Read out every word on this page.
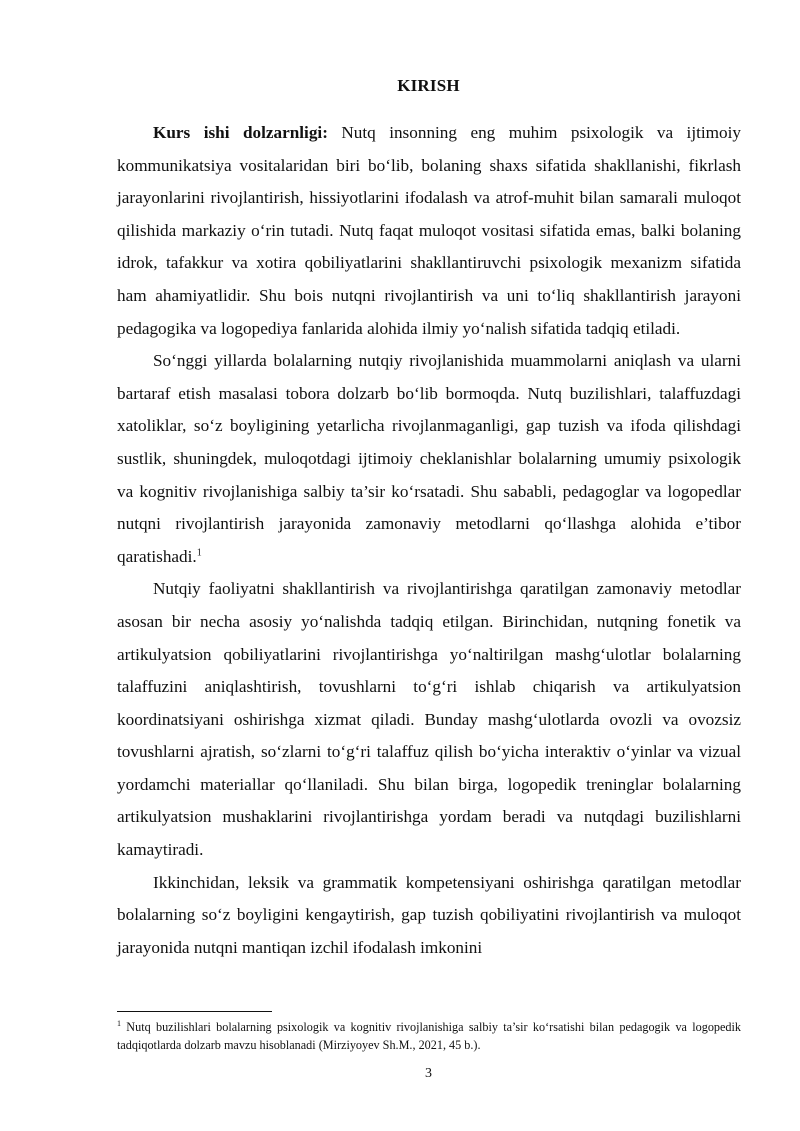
KIRISH

Kurs ishi dolzarnligi: Nutq insonning eng muhim psixologik va ijtimoiy kommunikatsiya vositalaridan biri bo‘lib, bolaning shaxs sifatida shakllanishi, fikrlash jarayonlarini rivojlantirish, hissiyotlarini ifodalash va atrof-muhit bilan samarali muloqot qilishida markaziy o‘rin tutadi. Nutq faqat muloqot vositasi sifatida emas, balki bolaning idrok, tafakkur va xotira qobiliyatlarini shakllantiruvchi psixologik mexanizm sifatida ham ahamiyatlidir. Shu bois nutqni rivojlantirish va uni to‘liq shakllantirish jarayoni pedagogika va logopediya fanlarida alohida ilmiy yo‘nalish sifatida tadqiq etiladi.

So‘nggi yillarda bolalarning nutqiy rivojlanishida muammolarni aniqlash va ularni bartaraf etish masalasi tobora dolzarb bo‘lib bormoqda. Nutq buzilishlari, talaffuzdagi xatoliklar, so‘z boyligining yetarlicha rivojlanmaganligi, gap tuzish va ifoda qilishdagi sustlik, shuningdek, muloqotdagi ijtimoiy cheklanishlar bolalarning umumiy psixologik va kognitiv rivojlanishiga salbiy ta’sir ko‘rsatadi. Shu sababli, pedagoglar va logopedlar nutqni rivojlantirish jarayonida zamonaviy metodlarni qo‘llashga alohida e’tibor qaratishadi.$^1$

Nutqiy faoliyatni shakllantirish va rivojlantirishga qaratilgan zamonaviy metodlar asosan bir necha asosiy yo‘nalishda tadqiq etilgan. Birinchidan, nutqning fonetik va artikulyatsion qobiliyatlarini rivojlantirishga yo‘naltirilgan mashg‘ulotlar bolalarning talaffuzini aniqlashtirish, tovushlarni to‘g‘ri ishlab chiqarish va artikulyatsion koordinatsiyani oshirishga xizmat qiladi. Bunday mashg‘ulotlarda ovozli va ovozsiz tovushlarni ajratish, so‘zlarni to‘g‘ri talaffuz qilish bo‘yicha interaktiv o‘yinlar va vizual yordamchi materiallar qo‘llaniladi. Shu bilan birga, logopedik treninglar bolalarning artikulyatsion mushaklarini rivojlantirishga yordam beradi va nutqdagi buzilishlarni kamaytiradi.

Ikkinchidan, leksik va grammatik kompetensiyani oshirishga qaratilgan metodlar bolalarning so‘z boyligini kengaytirish, gap tuzish qobiliyatini rivojlantirish va muloqot jarayonida nutqni mantiqan izchil ifodalash imkonini

$^1$ Nutq buzilishlari bolalarning psixologik va kognitiv rivojlanishiga salbiy ta’sir ko‘rsatishi bilan pedagogik va logopedik tadqiqotlarda dolzarb mavzu hisoblanadi (Mirziyoyev Sh.M., 2021, 45 b.).
3
